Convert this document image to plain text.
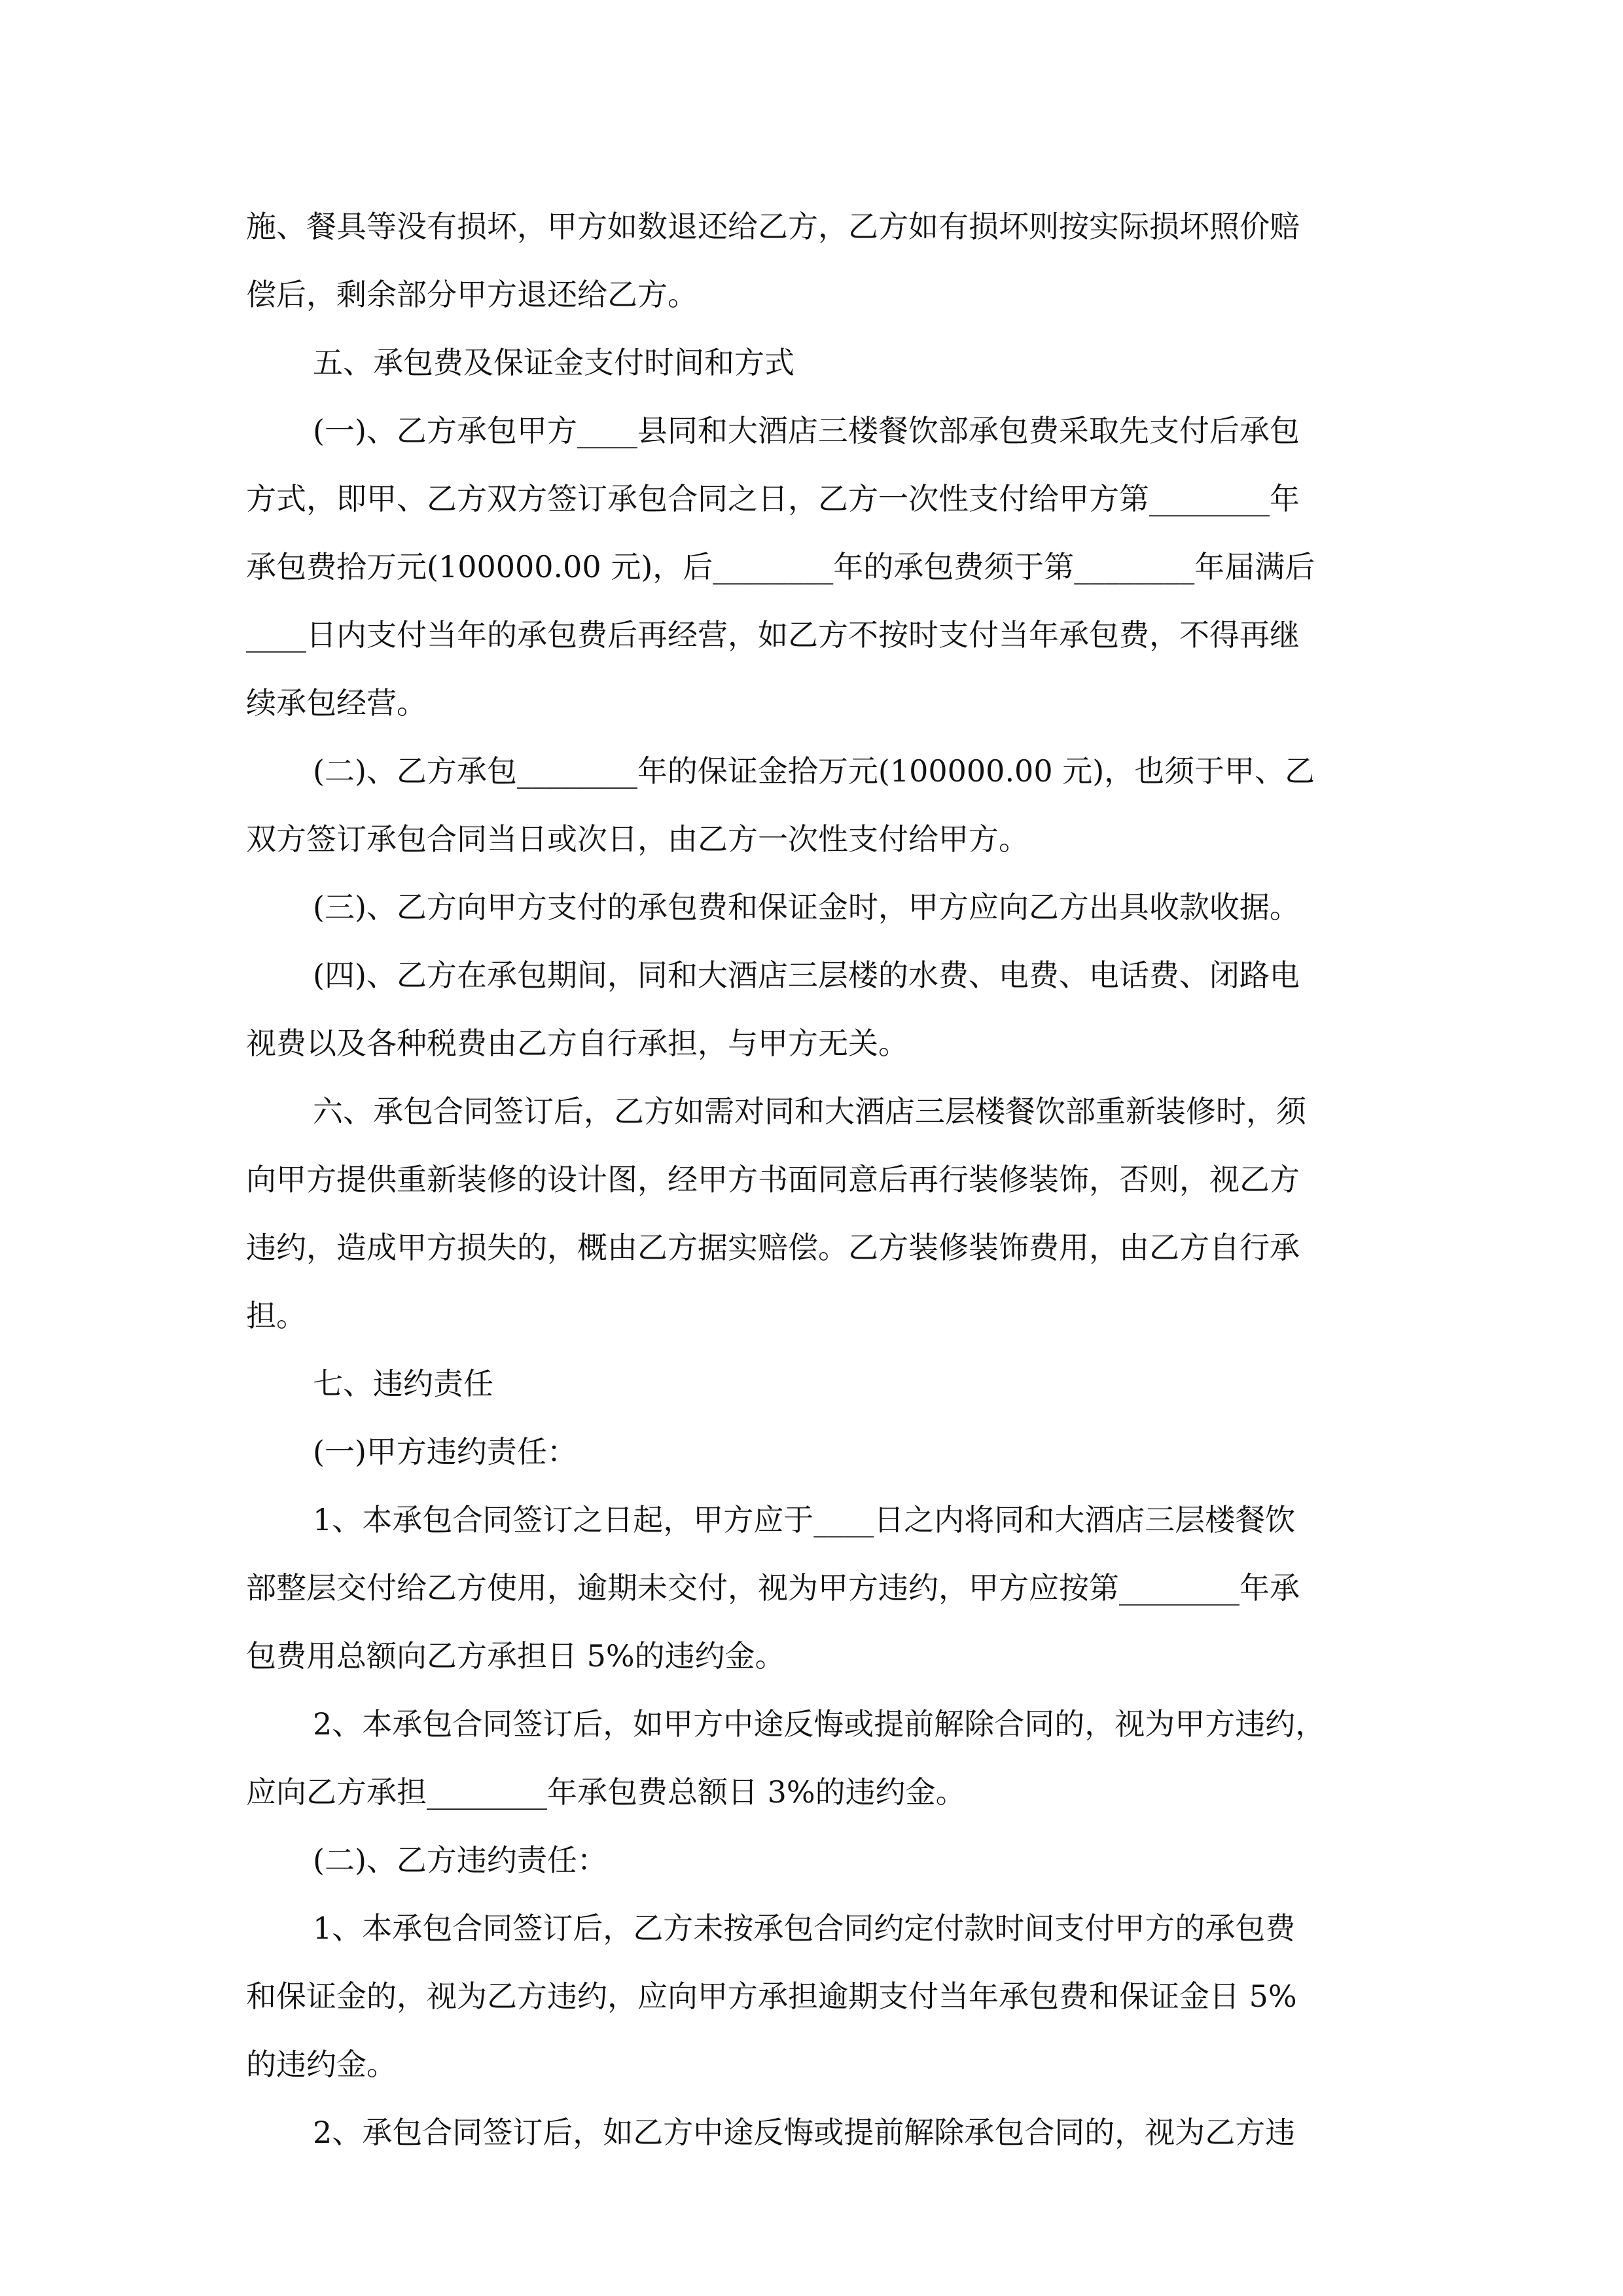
施、餐具等没有损坏，甲方如数退还给乙方，乙方如有损坏则按实际损坏照价赔
偿后，剩余部分甲方退还给乙方。
五、承包费及保证金支付时间和方式
(一)、乙方承包甲方____县同和大酒店三楼餐饮部承包费采取先支付后承包
方式，即甲、乙方双方签订承包合同之日，乙方一次性支付给甲方第________年
承包费拾万元(100000.00 元)，后________年的承包费须于第________年届满后
____日内支付当年的承包费后再经营，如乙方不按时支付当年承包费，不得再继
续承包经营。
(二)、乙方承包________年的保证金拾万元(100000.00 元)，也须于甲、乙
双方签订承包合同当日或次日，由乙方一次性支付给甲方。
(三)、乙方向甲方支付的承包费和保证金时，甲方应向乙方出具收款收据。
(四)、乙方在承包期间，同和大酒店三层楼的水费、电费、电话费、闭路电
视费以及各种税费由乙方自行承担，与甲方无关。
六、承包合同签订后，乙方如需对同和大酒店三层楼餐饮部重新装修时，须
向甲方提供重新装修的设计图，经甲方书面同意后再行装修装饰，否则，视乙方
违约，造成甲方损失的，概由乙方据实赔偿。乙方装修装饰费用，由乙方自行承
担。
七、违约责任
(一)甲方违约责任：
1、本承包合同签订之日起，甲方应于____日之内将同和大酒店三层楼餐饮
部整层交付给乙方使用，逾期未交付，视为甲方违约，甲方应按第________年承
包费用总额向乙方承担日 5%的违约金。
2、本承包合同签订后，如甲方中途反悔或提前解除合同的，视为甲方违约，
应向乙方承担________年承包费总额日 3%的违约金。
(二)、乙方违约责任：
1、本承包合同签订后，乙方未按承包合同约定付款时间支付甲方的承包费
和保证金的，视为乙方违约，应向甲方承担逾期支付当年承包费和保证金日 5%
的违约金。
2、承包合同签订后，如乙方中途反悔或提前解除承包合同的，视为乙方违
